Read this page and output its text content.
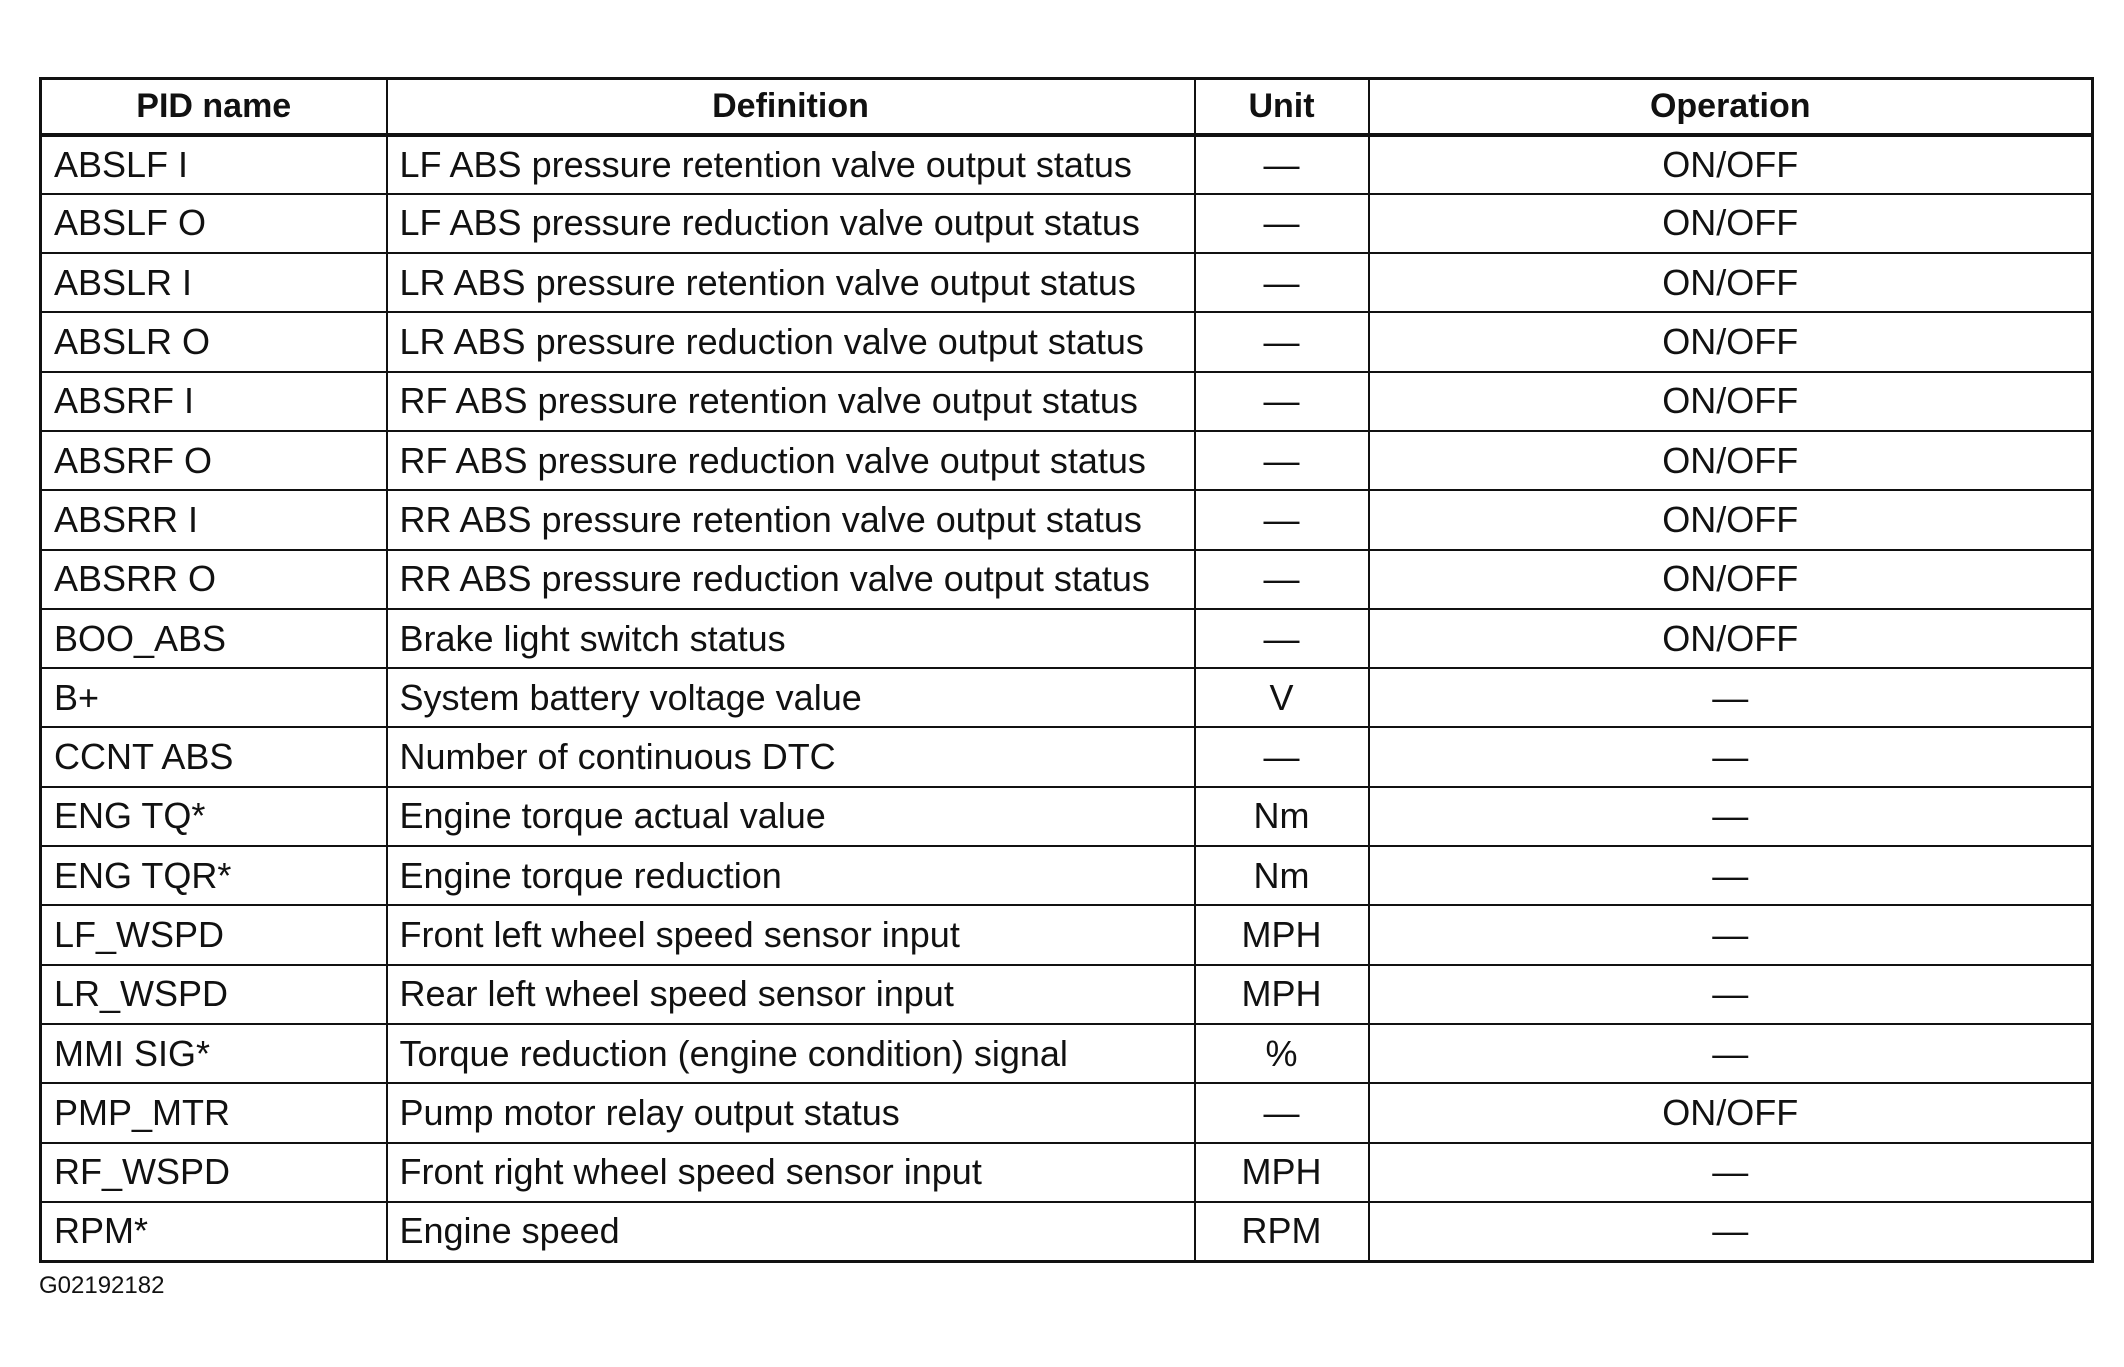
PID name	Definition	Unit	Operation
ABSLF I	LF ABS pressure retention valve output status	—	ON/OFF
ABSLF O	LF ABS pressure reduction valve output status	—	ON/OFF
ABSLR I	LR ABS pressure retention valve output status	—	ON/OFF
ABSLR O	LR ABS pressure reduction valve output status	—	ON/OFF
ABSRF I	RF ABS pressure retention valve output status	—	ON/OFF
ABSRF O	RF ABS pressure reduction valve output status	—	ON/OFF
ABSRR I	RR ABS pressure retention valve output status	—	ON/OFF
ABSRR O	RR ABS pressure reduction valve output status	—	ON/OFF
BOO_ABS	Brake light switch status	—	ON/OFF
B+	System battery voltage value	V	—
CCNT ABS	Number of continuous DTC	—	—
ENG TQ*	Engine torque actual value	Nm	—
ENG TQR*	Engine torque reduction	Nm	—
LF_WSPD	Front left wheel speed sensor input	MPH	—
LR_WSPD	Rear left wheel speed sensor input	MPH	—
MMI SIG*	Torque reduction (engine condition) signal	%	—
PMP_MTR	Pump motor relay output status	—	ON/OFF
RF_WSPD	Front right wheel speed sensor input	MPH	—
RPM*	Engine speed	RPM	—
G02192182
